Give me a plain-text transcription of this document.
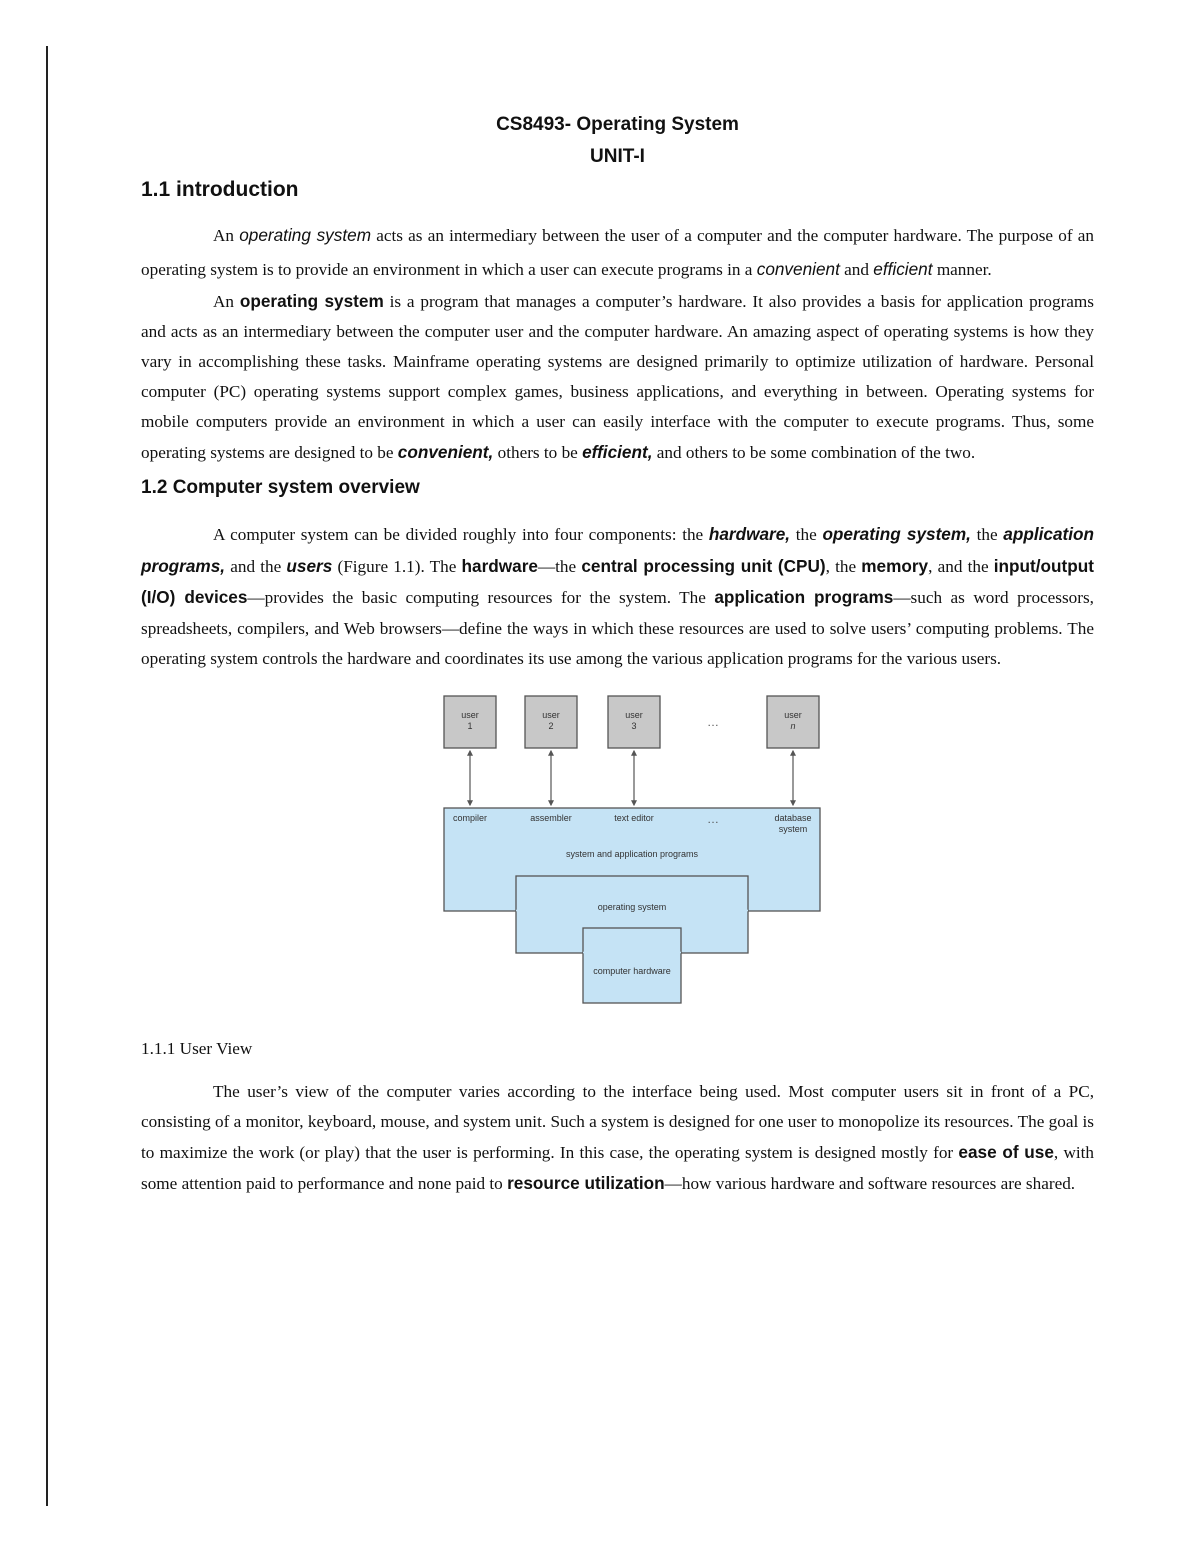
CS8493- Operating System
UNIT-I
1.1 introduction

An operating system acts as an intermediary between the user of a computer and the computer hardware. The purpose of an operating system is to provide an environment in which a user can execute programs in a convenient and efficient manner.

An operating system is a program that manages a computer’s hardware. It also provides a basis for application programs and acts as an intermediary between the computer user and the computer hardware. An amazing aspect of operating systems is how they vary in accomplishing these tasks. Mainframe operating systems are designed primarily to optimize utilization of hardware. Personal computer (PC) operating systems support complex games, business applications, and everything in between. Operating systems for mobile computers provide an environment in which a user can easily interface with the computer to execute programs. Thus, some operating systems are designed to be convenient, others to be efficient, and others to be some combination of the two.

1.2 Computer system overview

A computer system can be divided roughly into four components: the hardware, the operating system, the application programs, and the users (Figure 1.1). The hardware—the central processing unit (CPU), the memory, and the input/output (I/O) devices—provides the basic computing resources for the system. The application programs—such as word processors, spreadsheets, compilers, and Web browsers—define the ways in which these resources are used to solve users’ computing problems. The operating system controls the hardware and coordinates its use among the various application programs for the various users.

user
1
user
2
user
3
user
n
…
compiler	assembler	text editor	…	database
system
system and application programs
operating system
computer hardware
1.1.1 User View

The user’s view of the computer varies according to the interface being used. Most computer users sit in front of a PC, consisting of a monitor, keyboard, mouse, and system unit. Such a system is designed for one user to monopolize its resources. The goal is to maximize the work (or play) that the user is performing. In this case, the operating system is designed mostly for ease of use, with some attention paid to performance and none paid to resource utilization—how various hardware and software resources are shared.
